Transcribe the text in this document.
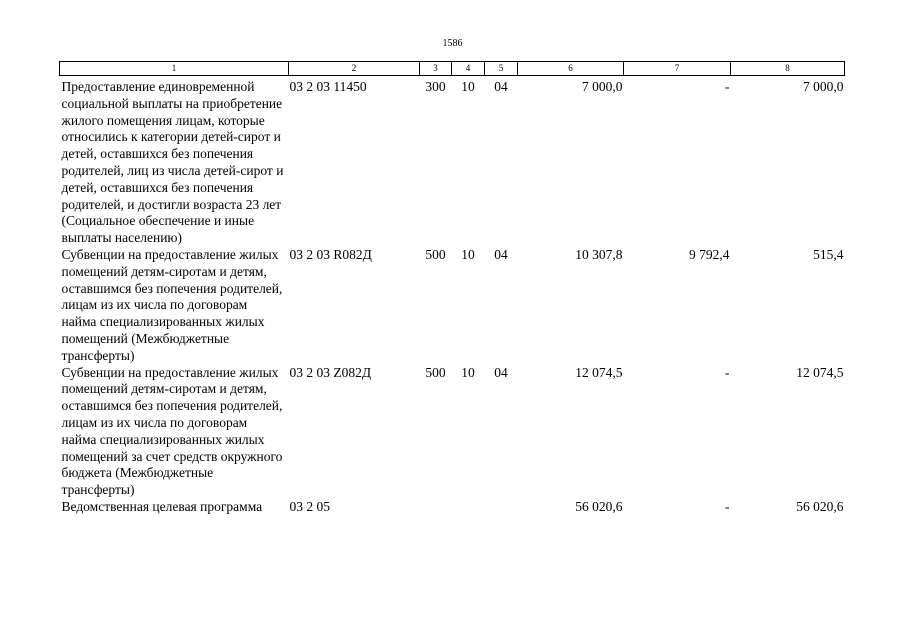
1586
1	2	3	4	5	6	7	8
Предоставление единовременной социальной выплаты на приобретение жилого помещения лицам, которые относились к категории детей-сирот и детей, оставшихся без попечения родителей, лиц из числа детей-сирот и детей, оставшихся без попечения родителей, и достигли возраста 23 лет (Социальное обеспечение и иные выплаты населению)	03 2 03 11450	300	10	04	7 000,0	-	7 000,0
Субвенции на предоставление жилых помещений детям-сиротам и детям, оставшимся без попечения родителей, лицам из их числа по договорам найма специализированных жилых помещений (Межбюджетные трансферты)	03 2 03 R082Д	500	10	04	10 307,8	9 792,4	515,4
Субвенции на предоставление жилых помещений детям-сиротам и детям, оставшимся без попечения родителей, лицам из их числа по договорам найма специализированных жилых помещений за счет средств окружного бюджета (Межбюджетные трансферты)	03 2 03 Z082Д	500	10	04	12 074,5	-	12 074,5
Ведомственная целевая программа	03 2 05				56 020,6	-	56 020,6
